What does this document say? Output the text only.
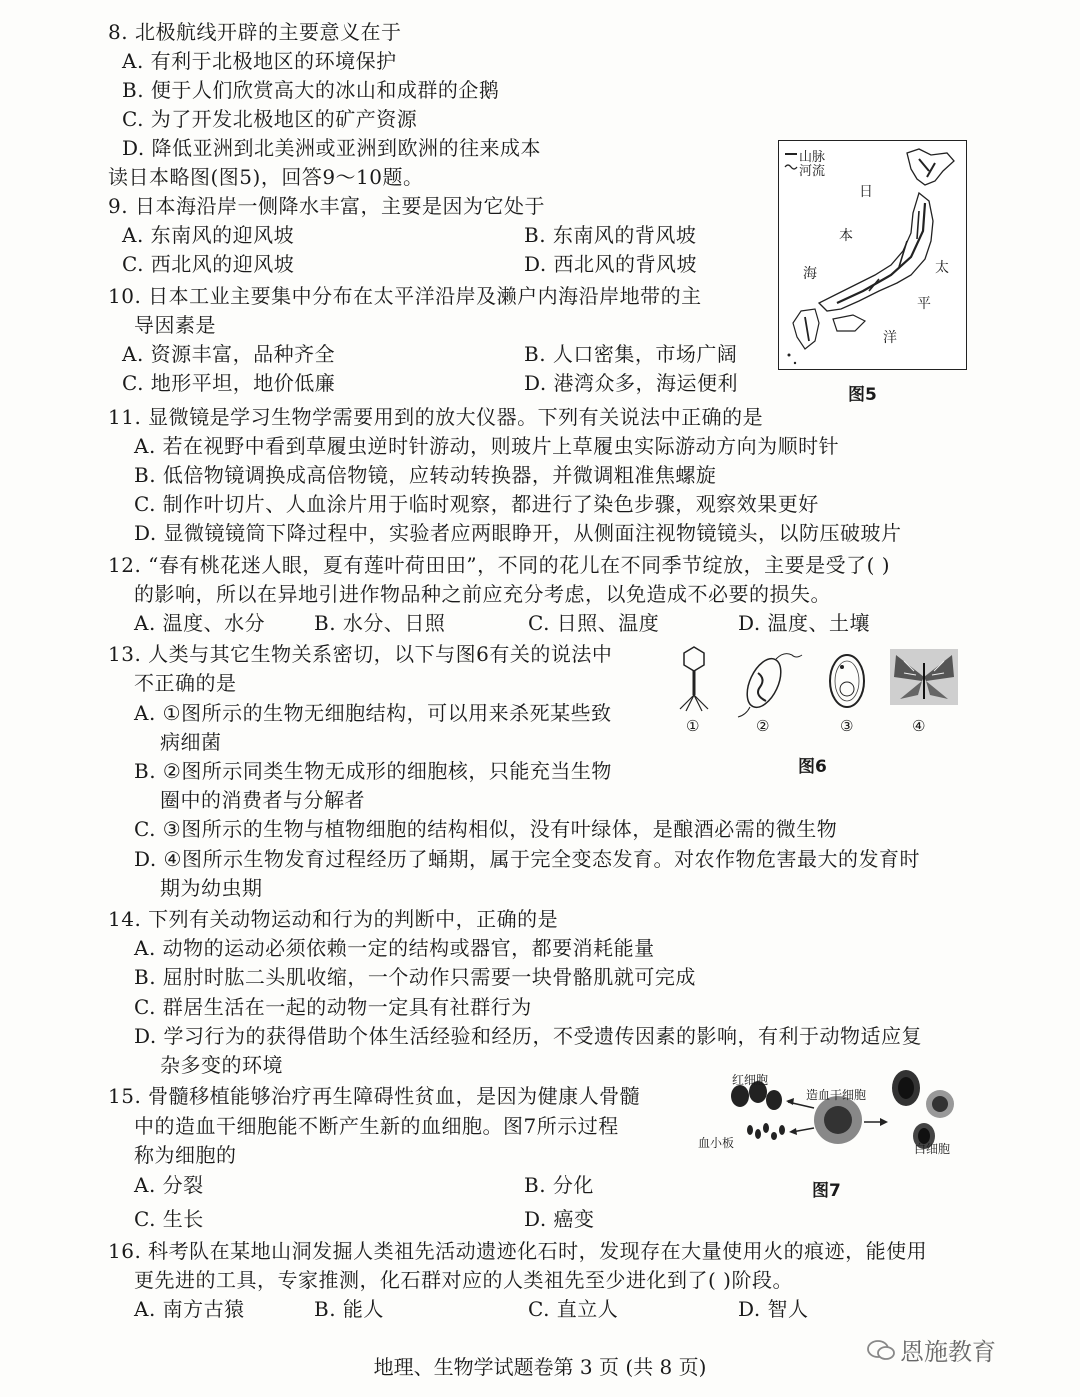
8. 北极航线开辟的主要意义在于
A. 有利于北极地区的环境保护
B. 便于人们欣赏高大的冰山和成群的企鹅
C. 为了开发北极地区的矿产资源
D. 降低亚洲到北美洲或亚洲到欧洲的往来成本
读日本略图(图5)，回答9～10题。
9. 日本海沿岸一侧降水丰富，主要是因为它处于
A. 东南风的迎风坡	B. 东南风的背风坡
C. 西北风的迎风坡	D. 西北风的背风坡
10. 日本工业主要集中分布在太平洋沿岸及濑户内海沿岸地带的主
导因素是
A. 资源丰富，品种齐全	B. 人口密集，市场广阔
C. 地形平坦，地价低廉	D. 港湾众多，海运便利
山脉
河流
日
本
海	太
平
洋
图5
11. 显微镜是学习生物学需要用到的放大仪器。下列有关说法中正确的是
A. 若在视野中看到草履虫逆时针游动，则玻片上草履虫实际游动方向为顺时针
B. 低倍物镜调换成高倍物镜，应转动转换器，并微调粗准焦螺旋
C. 制作叶切片、人血涂片用于临时观察，都进行了染色步骤，观察效果更好
D. 显微镜镜筒下降过程中，实验者应两眼睁开，从侧面注视物镜镜头，以防压破玻片
12. “春有桃花迷人眼，夏有莲叶荷田田”，不同的花儿在不同季节绽放，主要是受了( )
的影响，所以在异地引进作物品种之前应充分考虑，以免造成不必要的损失。
A. 温度、水分 B. 水分、日照	C. 日照、温度	D. 温度、土壤
13. 人类与其它生物关系密切，以下与图6有关的说法中
不正确的是
A. ①图所示的生物无细胞结构，可以用来杀死某些致
病细菌
B. ②图所示同类生物无成形的细胞核，只能充当生物
圈中的消费者与分解者
C. ③图所示的生物与植物细胞的结构相似，没有叶绿体，是酿酒必需的微生物
D. ④图所示生物发育过程经历了蛹期，属于完全变态发育。对农作物危害最大的发育时
期为幼虫期
①	②	③	④
图6
14. 下列有关动物运动和行为的判断中，正确的是
A. 动物的运动必须依赖一定的结构或器官，都要消耗能量
B. 屈肘时肱二头肌收缩，一个动作只需要一块骨骼肌就可完成
C. 群居生活在一起的动物一定具有社群行为
D. 学习行为的获得借助个体生活经验和经历，不受遗传因素的影响，有利于动物适应复
杂多变的环境
15. 骨髓移植能够治疗再生障碍性贫血，是因为健康人骨髓
中的造血干细胞能不断产生新的血细胞。图7所示过程
称为细胞的
A. 分裂	B. 分化
C. 生长	D. 癌变
红细胞
造血干细胞
血小板	白细胞
图7
16. 科考队在某地山洞发掘人类祖先活动遗迹化石时，发现存在大量使用火的痕迹，能使用
更先进的工具，专家推测，化石群对应的人类祖先至少进化到了( )阶段。
A. 南方古猿	B. 能人	C. 直立人	D. 智人
地理、生物学试题卷第 3 页 (共 8 页)
恩施教育
